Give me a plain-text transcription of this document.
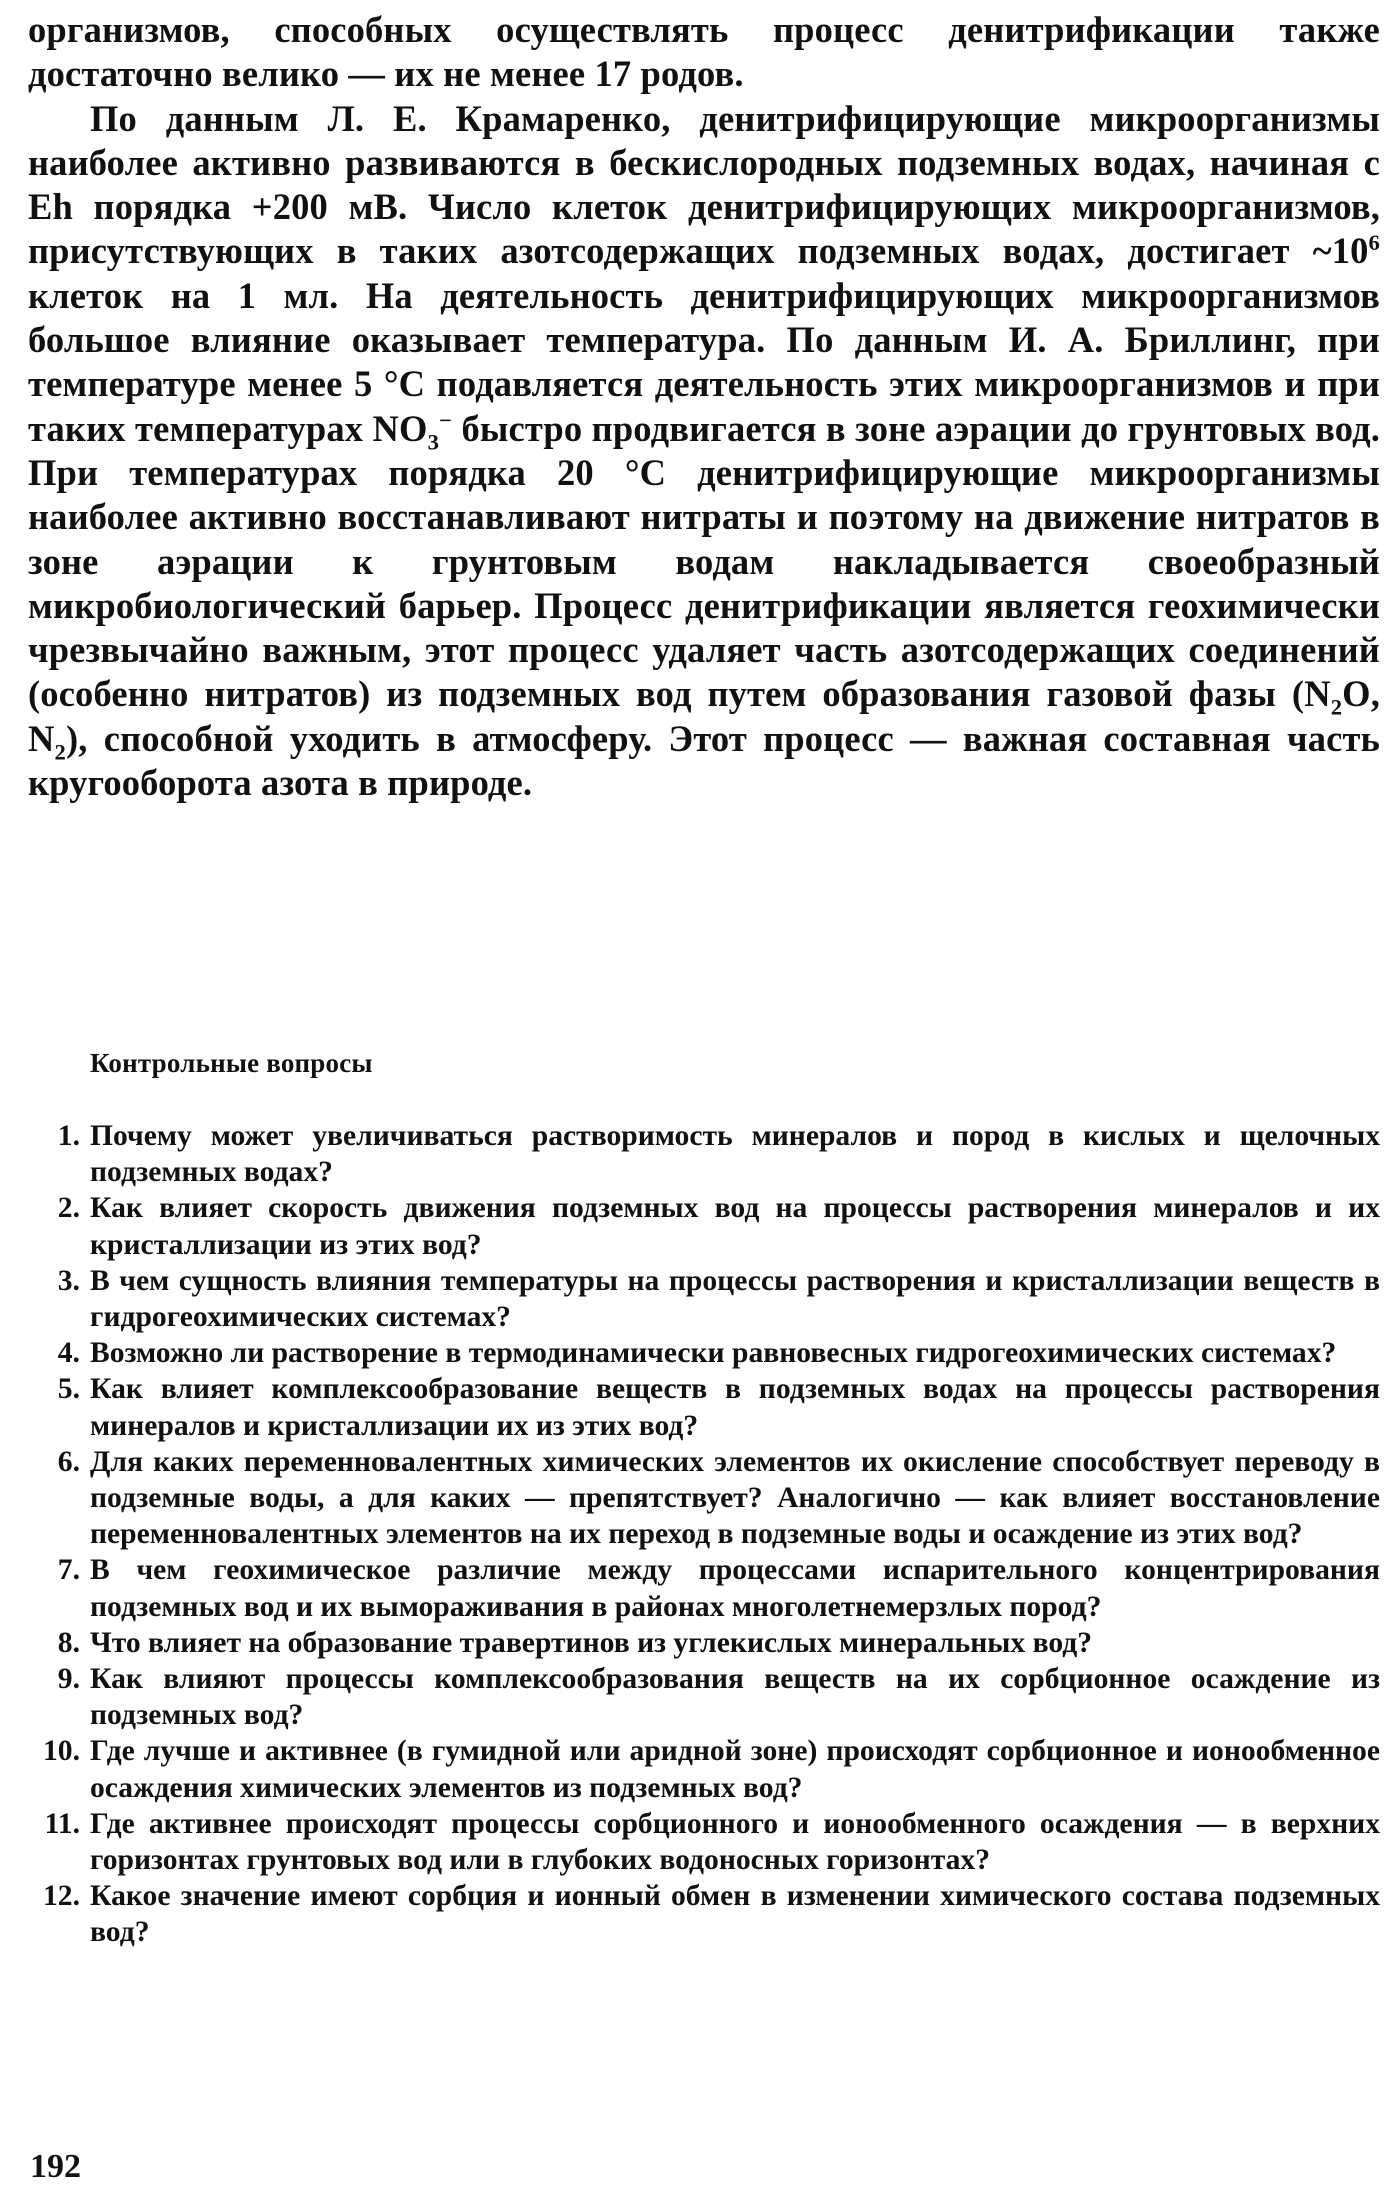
организмов, способных осуществлять процесс денитрификации также достаточно велико — их не менее 17 родов.

По данным Л. Е. Крамаренко, денитрифицирующие микроорганизмы наиболее активно развиваются в бескислородных подземных водах, начиная с Eh порядка +200 мВ. Число клеток денитрифицирующих микроорганизмов, присутствующих в таких азотсодержащих подземных водах, достигает $\sim 10^6$ клеток на 1 мл. На деятельность денитрифицирующих микроорганизмов большое влияние оказывает температура. По данным И. А. Бриллинг, при температуре менее 5 °С подавляется деятельность этих микроорганизмов и при таких температурах $NO_3^-$ быстро продвигается в зоне аэрации до грунтовых вод. При температурах порядка 20 °С денитрифицирующие микроорганизмы наиболее активно восстанавливают нитраты и поэтому на движение нитратов в зоне аэрации к грунтовым водам накладывается своеобразный микробиологический барьер. Процесс денитрификации является геохимически чрезвычайно важным, этот процесс удаляет часть азотсодержащих соединений (особенно нитратов) из подземных вод путем образования газовой фазы ($N_2O$, $N_2$), способной уходить в атмосферу. Этот процесс — важная составная часть кругооборота азота в природе.

Контрольные вопросы
1. Почему может увеличиваться растворимость минералов и пород в кислых и щелочных подземных водах?
2. Как влияет скорость движения подземных вод на процессы растворения минералов и их кристаллизации из этих вод?
3. В чем сущность влияния температуры на процессы растворения и кристаллизации веществ в гидрогеохимических системах?
4. Возможно ли растворение в термодинамически равновесных гидрогеохимических системах?
5. Как влияет комплексообразование веществ в подземных водах на процессы растворения минералов и кристаллизации их из этих вод?
6. Для каких переменновалентных химических элементов их окисление способствует переводу в подземные воды, а для каких — препятствует? Аналогично — как влияет восстановление переменновалентных элементов на их переход в подземные воды и осаждение из этих вод?
7. В чем геохимическое различие между процессами испарительного концентрирования подземных вод и их вымораживания в районах многолетнемерзлых пород?
8. Что влияет на образование травертинов из углекислых минеральных вод?
9. Как влияют процессы комплексообразования веществ на их сорбционное осаждение из подземных вод?
10. Где лучше и активнее (в гумидной или аридной зоне) происходят сорбционное и ионообменное осаждения химических элементов из подземных вод?
11. Где активнее происходят процессы сорбционного и ионообменного осаждения — в верхних горизонтах грунтовых вод или в глубоких водоносных горизонтах?
12. Какое значение имеют сорбция и ионный обмен в изменении химического состава подземных вод?
192
